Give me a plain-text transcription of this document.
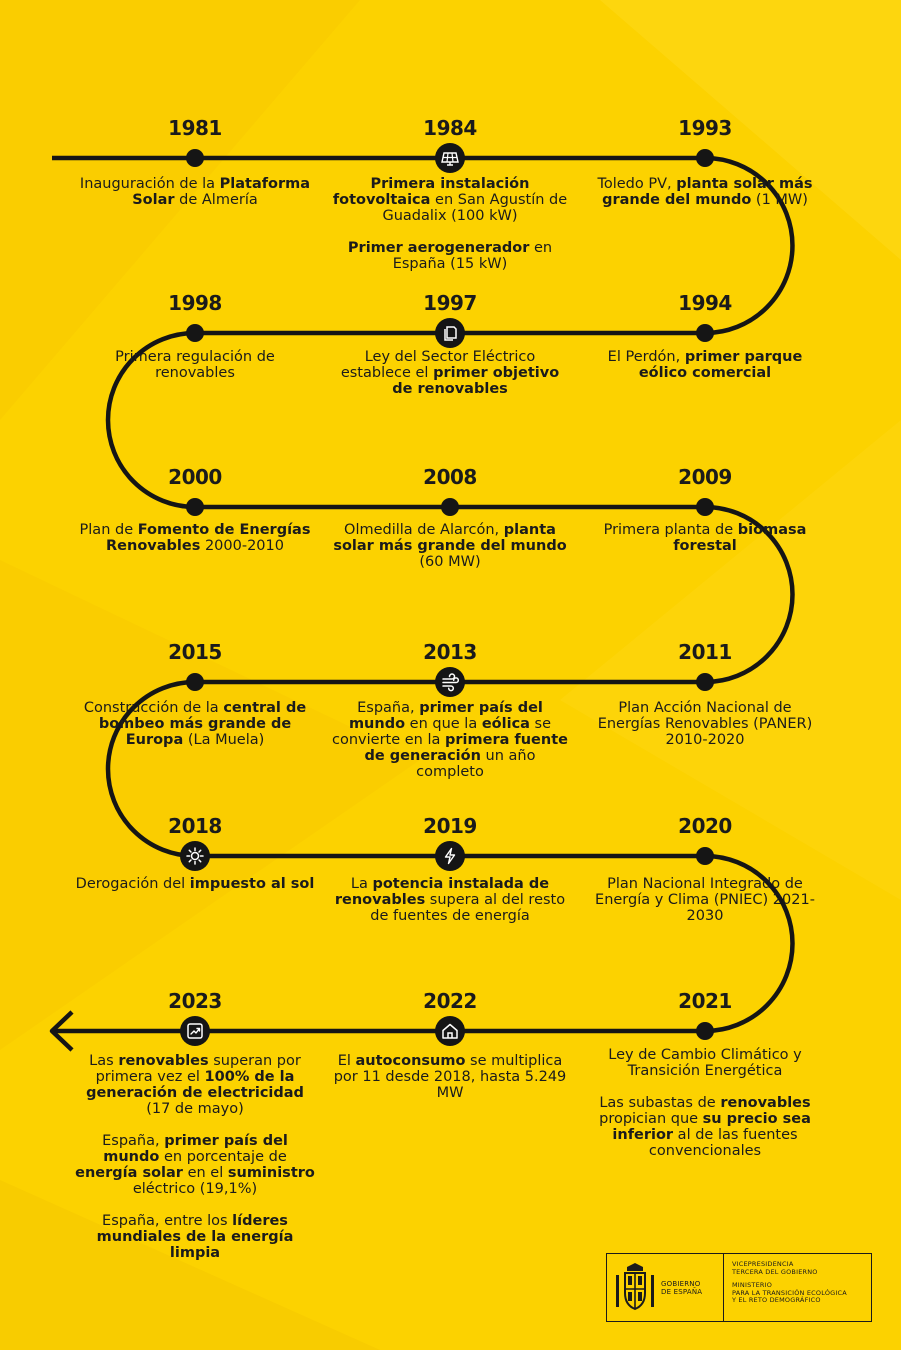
1981

Inauguración de la Plataforma Solar de Almería

1984

Primera instalación fotovoltaica en San Agustín de Guadalix (100 kW)

Primer aerogenerador en España (15 kW)

1993

Toledo PV, planta solar más grande del mundo (1 MW)

1998

Primera regulación de renovables

1997

Ley del Sector Eléctrico establece el primer objetivo de renovables

1994

El Perdón, primer parque eólico comercial

2000

Plan de Fomento de Energías Renovables 2000-2010

2008

Olmedilla de Alarcón, planta solar más grande del mundo (60 MW)

2009

Primera planta de biomasa forestal

2015

Construcción de la central de bombeo más grande de Europa (La Muela)

2013

España, primer país del mundo en que la eólica se convierte en la primera fuente de generación un año completo

2011

Plan Acción Nacional de Energías Renovables (PANER) 2010-2020

2018

Derogación del impuesto al sol

2019

La potencia instalada de renovables supera al del resto de fuentes de energía

2020

Plan Nacional Integrado de Energía y Clima (PNIEC) 2021-2030

2023

Las renovables superan por primera vez el 100% de la generación de electricidad (17 de mayo)

España, primer país del mundo en porcentaje de energía solar en el suministro eléctrico (19,1%)

España, entre los líderes mundiales de la energía limpia

2022

El autoconsumo se multiplica por 11 desde 2018, hasta 5.249 MW

2021

Ley de Cambio Climático y Transición Energética

Las subastas de renovables propician que su precio sea inferior al de las fuentes convencionales

GOBIERNO
DE ESPAÑA
VICEPRESIDENCIA
TERCERA DEL GOBIERNO
MINISTERIO
PARA LA TRANSICIÓN ECOLÓGICA
Y EL RETO DEMOGRÁFICO
